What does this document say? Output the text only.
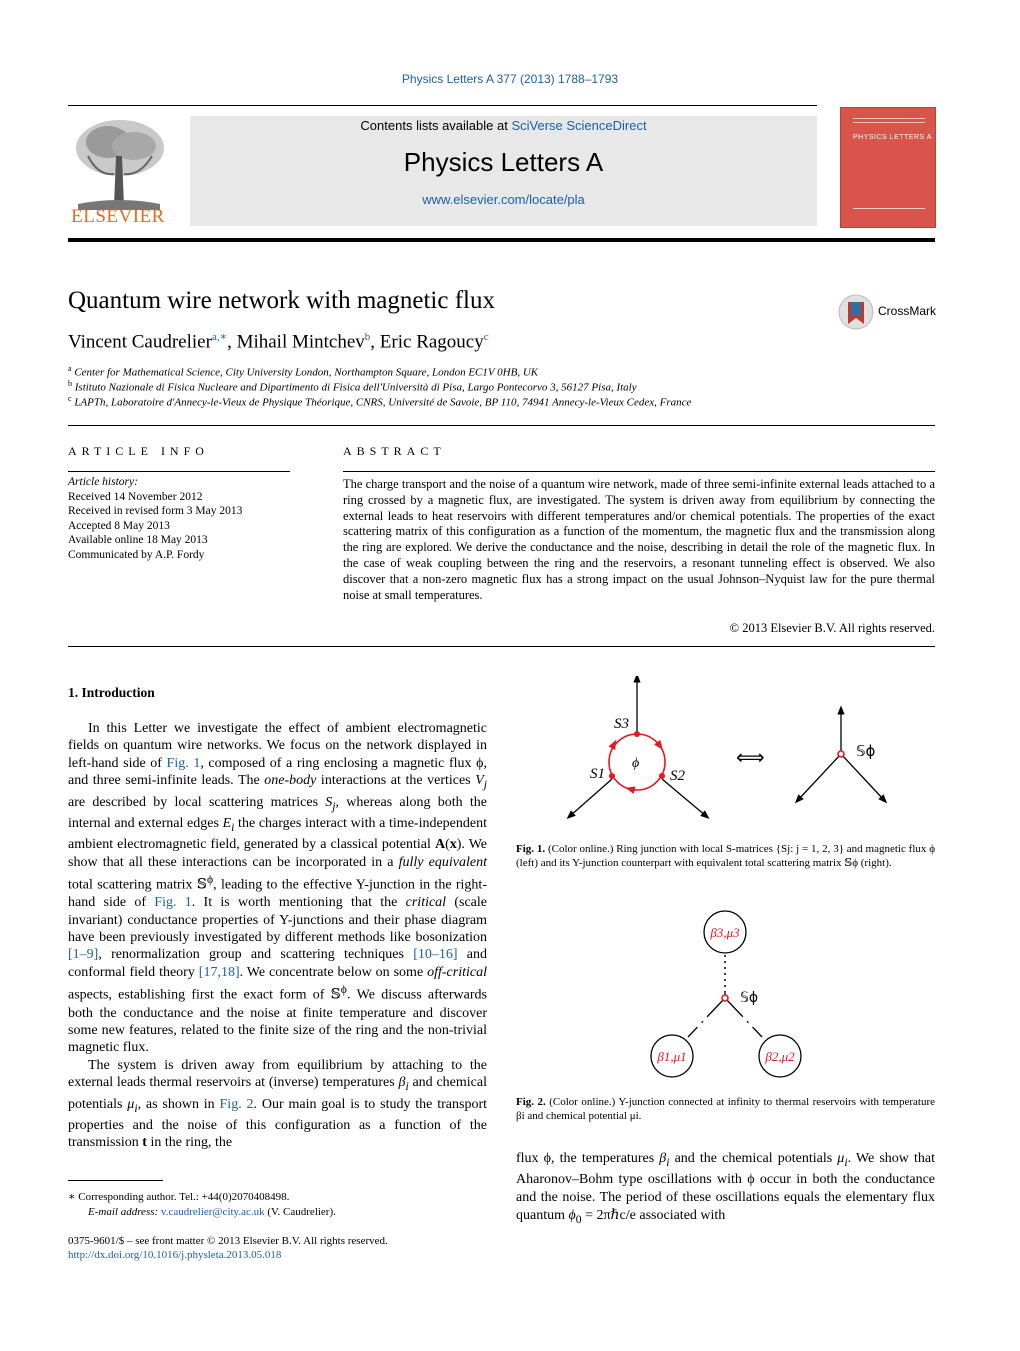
Physics Letters A 377 (2013) 1788–1793
ELSEVIER
Contents lists available at SciVerse ScienceDirect
Physics Letters A
www.elsevier.com/locate/pla
PHYSICS LETTERS A
Quantum wire network with magnetic flux	CrossMark
Vincent Caudrelier$^{a,∗}$, Mihail Mintchev$^b$, Eric Ragoucy$^c$
$^a$ Center for Mathematical Science, City University London, Northampton Square, London EC1V 0HB, UK
$^b$ Istituto Nazionale di Fisica Nucleare and Dipartimento di Fisica dell'Università di Pisa, Largo Pontecorvo 3, 56127 Pisa, Italy
$^c$ LAPTh, Laboratoire d'Annecy-le-Vieux de Physique Théorique, CNRS, Université de Savoie, BP 110, 74941 Annecy-le-Vieux Cedex, France
ARTICLE INFO
Article history:
Received 14 November 2012
Received in revised form 3 May 2013
Accepted 8 May 2013
Available online 18 May 2013
Communicated by A.P. Fordy
ABSTRACT
The charge transport and the noise of a quantum wire network, made of three semi-infinite external leads attached to a ring crossed by a magnetic flux, are investigated. The system is driven away from equilibrium by connecting the external leads to heat reservoirs with different temperatures and/or chemical potentials. The properties of the exact scattering matrix of this configuration as a function of the momentum, the magnetic flux and the transmission along the ring are explored. We derive the conductance and the noise, describing in detail the role of the magnetic flux. In the case of weak coupling between the ring and the reservoirs, a resonant tunneling effect is observed. We also discover that a non-zero magnetic flux has a strong impact on the usual Johnson–Nyquist law for the pure thermal noise at small temperatures.
© 2013 Elsevier B.V. All rights reserved.
1. Introduction

In this Letter we investigate the effect of ambient electromagnetic fields on quantum wire networks. We focus on the network displayed in left-hand side of Fig. 1, composed of a ring enclosing a magnetic flux ϕ, and three semi-infinite leads. The one-body interactions at the vertices $V_j$ are described by local scattering matrices $S_j$, whereas along both the internal and external edges $E_i$ the charges interact with a time-independent ambient electromagnetic field, generated by a classical potential A(x). We show that all these interactions can be incorporated in a fully equivalent total scattering matrix 𝕊$^\phi$, leading to the effective Y-junction in the right-hand side of Fig. 1. It is worth mentioning that the critical (scale invariant) conductance properties of Y-junctions and their phase diagram have been previously investigated by different methods like bosonization [1–9], renormalization group and scattering techniques [10–16] and conformal field theory [17,18]. We concentrate below on some off-critical aspects, establishing first the exact form of 𝕊$^\phi$. We discuss afterwards both the conductance and the noise at finite temperature and discover some new features, related to the finite size of the ring and the non-trivial magnetic flux.

The system is driven away from equilibrium by attaching to the external leads thermal reservoirs at (inverse) temperatures $\beta_i$ and chemical potentials $\mu_i$, as shown in Fig. 2. Our main goal is to study the transport properties and the noise of this configuration as a function of the transmission t in the ring, the

∗ Corresponding author. Tel.: +44(0)2070408498.
E-mail address: v.caudrelier@city.ac.uk (V. Caudrelier).
0375-9601/$ – see front matter © 2013 Elsevier B.V. All rights reserved.
http://dx.doi.org/10.1016/j.physleta.2013.05.018
S3
S1	S2
ϕ	⟺	𝕊ϕ
Fig. 1. (Color online.) Ring junction with local S-matrices {Sj: j = 1, 2, 3} and magnetic flux ϕ (left) and its Y-junction counterpart with equivalent total scattering matrix 𝕊ϕ (right).
β3,μ3
β1,μ1	β2,μ2
𝕊ϕ
Fig. 2. (Color online.) Y-junction connected at infinity to thermal reservoirs with temperature βi and chemical potential μi.
flux ϕ, the temperatures $\beta_i$ and the chemical potentials $\mu_i$. We show that Aharonov–Bohm type oscillations with ϕ occur in both the conductance and the noise. The period of these oscillations equals the elementary flux quantum $\phi_0$ = 2πℏc/e associated with
